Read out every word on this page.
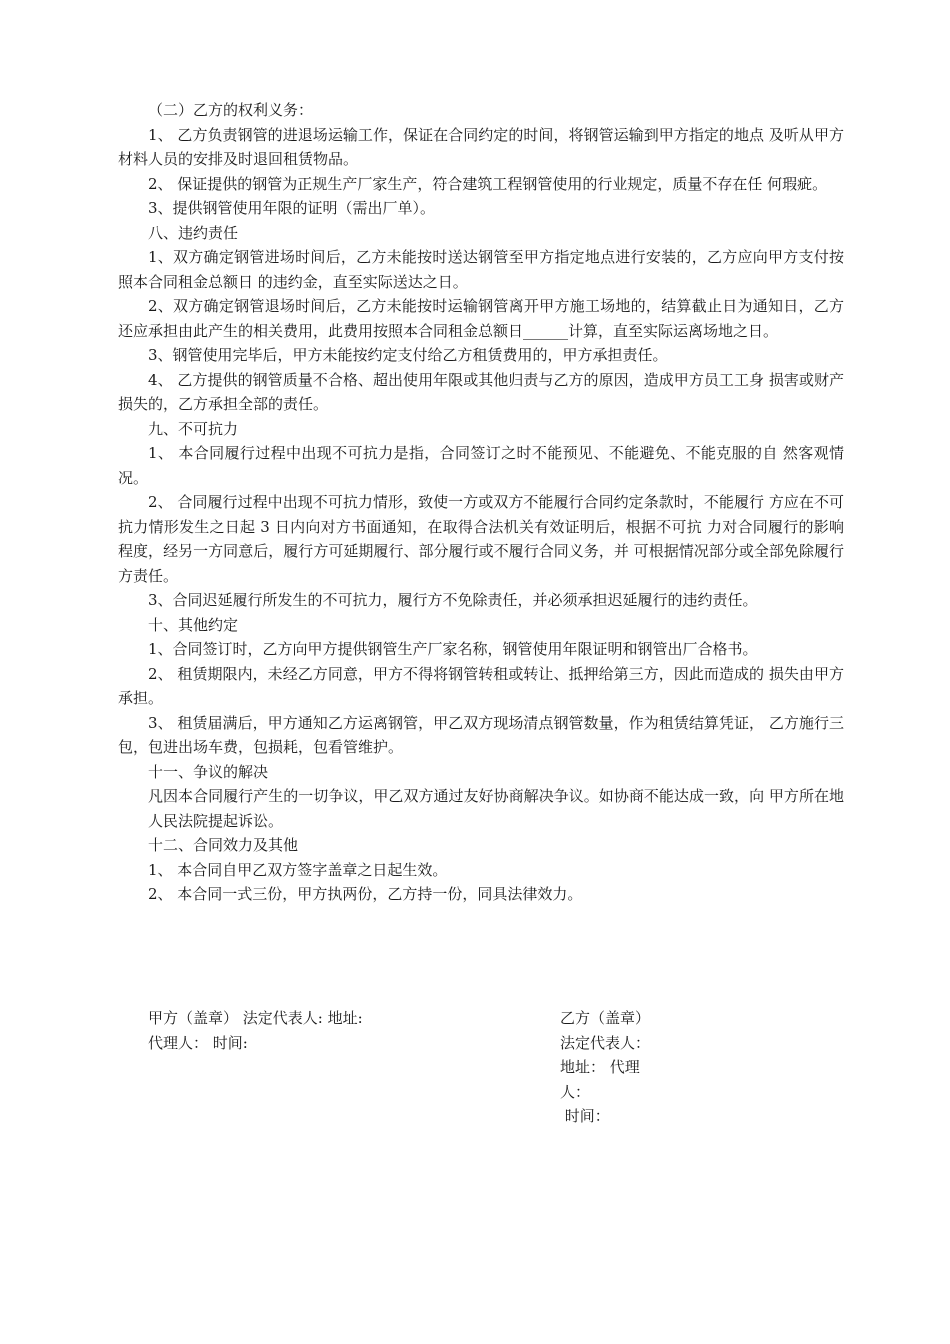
（二）乙方的权利义务：

1、 乙方负责钢管的进退场运输工作，保证在合同约定的时间，将钢管运输到甲方指定的地点 及听从甲方材料人员的安排及时退回租赁物品。

2、 保证提供的钢管为正规生产厂家生产，符合建筑工程钢管使用的行业规定，质量不存在任 何瑕疵。

3、提供钢管使用年限的证明（需出厂单）。

八、违约责任

1、双方确定钢管进场时间后，乙方未能按时送达钢管至甲方指定地点进行安装的，乙方应向甲方支付按照本合同租金总额日 的违约金，直至实际送达之日。

2、双方确定钢管退场时间后，乙方未能按时运输钢管离开甲方施工场地的，结算截止日为通知日，乙方还应承担由此产生的相关费用，此费用按照本合同租金总额日______计算，直至实际运离场地之日。

3、钢管使用完毕后，甲方未能按约定支付给乙方租赁费用的，甲方承担责任。

4、 乙方提供的钢管质量不合格、超出使用年限或其他归责与乙方的原因，造成甲方员工工身 损害或财产损失的，乙方承担全部的责任。

九、不可抗力

1、 本合同履行过程中出现不可抗力是指，合同签订之时不能预见、不能避免、不能克服的自 然客观情况。

2、 合同履行过程中出现不可抗力情形，致使一方或双方不能履行合同约定条款时，不能履行 方应在不可抗力情形发生之日起 3 日内向对方书面通知，在取得合法机关有效证明后，根据不可抗 力对合同履行的影响程度，经另一方同意后，履行方可延期履行、部分履行或不履行合同义务，并 可根据情况部分或全部免除履行方责任。

3、合同迟延履行所发生的不可抗力，履行方不免除责任，并必须承担迟延履行的违约责任。

十、其他约定

1、合同签订时，乙方向甲方提供钢管生产厂家名称，钢管使用年限证明和钢管出厂合格书。

2、 租赁期限内，未经乙方同意，甲方不得将钢管转租或转让、抵押给第三方，因此而造成的 损失由甲方承担。

3、 租赁届满后，甲方通知乙方运离钢管，甲乙双方现场清点钢管数量，作为租赁结算凭证， 乙方施行三包，包进出场车费，包损耗，包看管维护。

十一、争议的解决

凡因本合同履行产生的一切争议，甲乙双方通过友好协商解决争议。如协商不能达成一致，向 甲方所在地人民法院提起诉讼。

十二、合同效力及其他

1、 本合同自甲乙双方签字盖章之日起生效。

2、 本合同一式三份，甲方执两份，乙方持一份，同具法律效力。

甲方（盖章） 法定代表人: 地址:
代理人： 时间:
乙方（盖章）
法定代表人：
地址： 代理
人：
时间：
